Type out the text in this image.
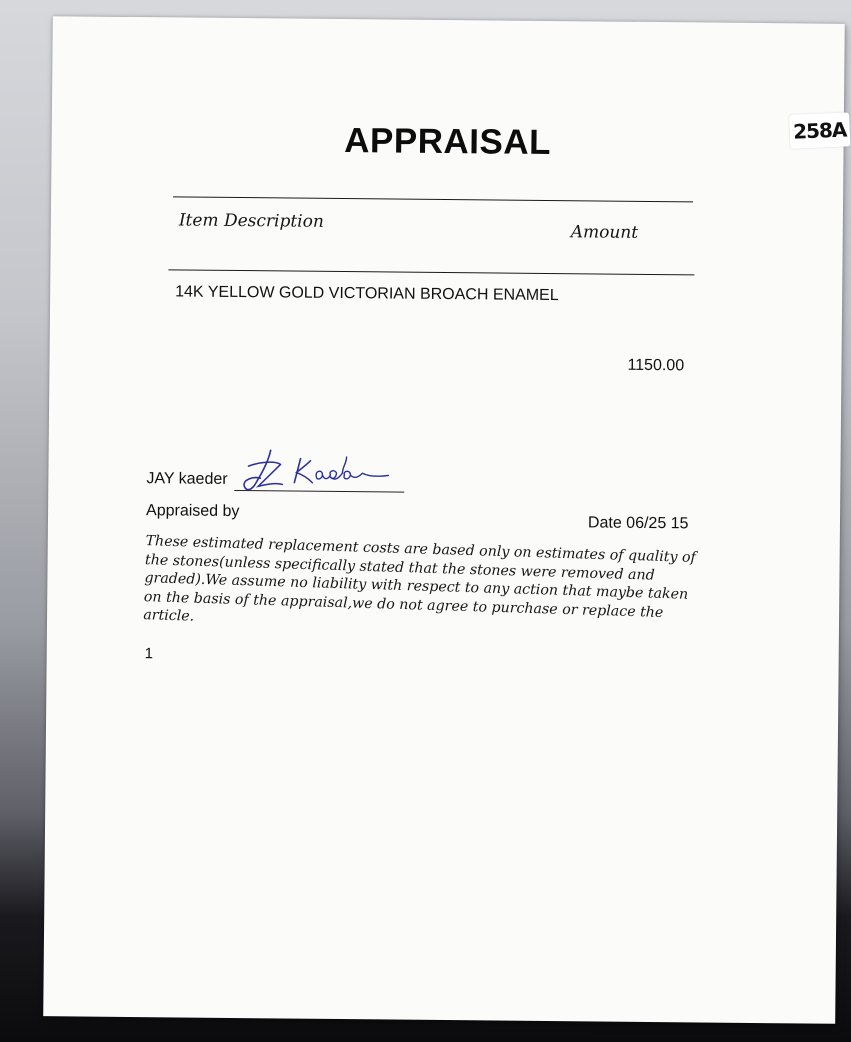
258A
APPRAISAL
Item Description
Amount
14K YELLOW GOLD VICTORIAN BROACH ENAMEL
1150.00
JAY kaeder
Appraised by
Date 06/25 15
These estimated replacement costs are based only on estimates of quality of the stones(unless specifically stated that the stones were removed and graded).We assume no liability with respect to any action that maybe taken on the basis of the appraisal,we do not agree to purchase or replace the article.
1
